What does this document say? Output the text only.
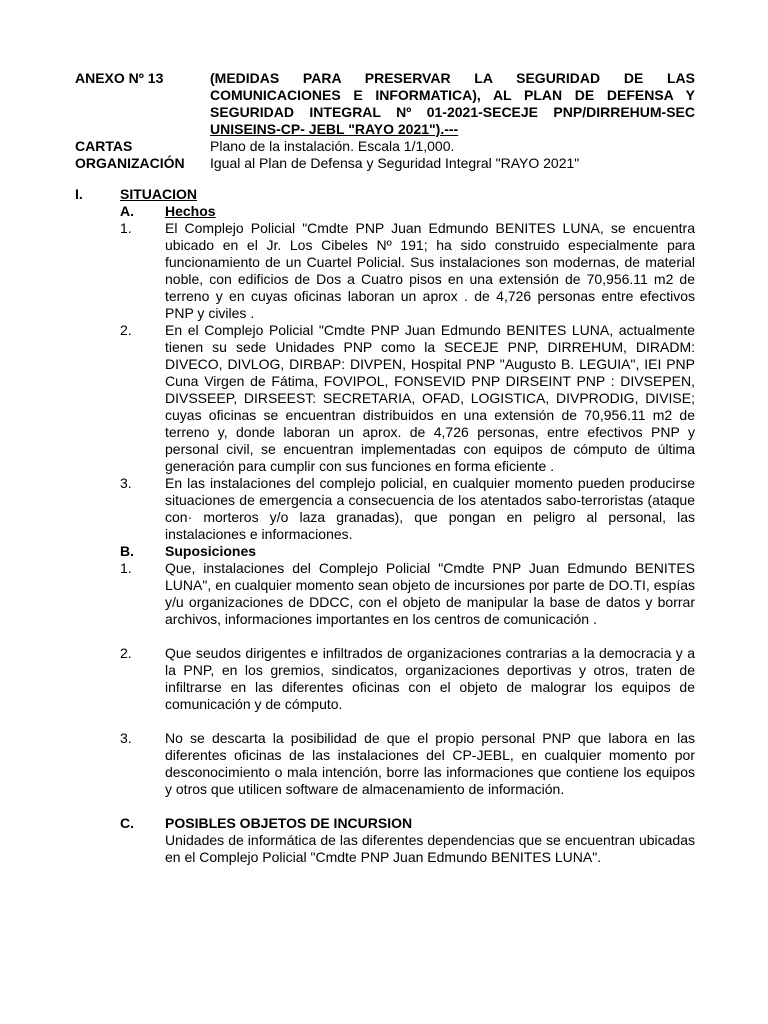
ANEXO Nº 13	(MEDIDAS PARA PRESERVAR LA SEGURIDAD DE LAS COMUNICACIONES E INFORMATICA), AL PLAN DE DEFENSA Y SEGURIDAD INTEGRAL Nº 01-2021-SECEJE PNP/DIRREHUM-SEC UNISEINS-CP- JEBL "RAYO 2021").---
CARTAS	Plano de la instalación. Escala 1/1,000.
ORGANIZACIÓN	Igual al Plan de Defensa y Seguridad Integral "RAYO 2021"
I.	SITUACION
A.	Hechos
1.	El Complejo Policial "Cmdte PNP Juan Edmundo BENITES LUNA, se encuentra ubicado en el Jr. Los Cibeles Nº 191; ha sido construido especialmente para funcionamiento de un Cuartel Policial. Sus instalaciones son modernas, de material noble, con edificios de Dos a Cuatro pisos en una extensión de 70,956.11 m2 de terreno y en cuyas oficinas laboran un aprox . de 4,726 personas entre efectivos PNP y civiles .
2.	En el Complejo Policial "Cmdte PNP Juan Edmundo BENITES LUNA, actualmente tienen su sede Unidades PNP como la SECEJE PNP, DIRREHUM, DIRADM: DIVECO, DIVLOG, DIRBAP: DIVPEN, Hospital PNP "Augusto B. LEGUIA", IEI PNP Cuna Virgen de Fátima, FOVIPOL, FONSEVID PNP DIRSEINT PNP : DIVSEPEN, DIVSSEEP, DIRSEEST: SECRETARIA, OFAD, LOGISTICA, DIVPRODIG, DIVISE; cuyas oficinas se encuentran distribuidos en una extensión de 70,956.11 m2 de terreno y, donde laboran un aprox. de 4,726 personas, entre efectivos PNP y personal civil, se encuentran implementadas con equipos de cómputo de última generación para cumplir con sus funciones en forma eficiente .
3.	En las instalaciones del complejo policial, en cualquier momento pueden producirse situaciones de emergencia a consecuencia de los atentados sabo-terroristas (ataque con· morteros y/o laza granadas), que pongan en peligro al personal, las instalaciones e informaciones.
B.	Suposiciones
1.	Que, instalaciones del Complejo Policial "Cmdte PNP Juan Edmundo BENITES LUNA", en cualquier momento sean objeto de incursiones por parte de DO.TI, espías y/u organizaciones de DDCC, con el objeto de manipular la base de datos y borrar archivos, informaciones importantes en los centros de comunicación .
2.	Que seudos dirigentes e infiltrados de organizaciones contrarias a la democracia y a la PNP, en los gremios, sindicatos, organizaciones deportivas y otros, traten de infiltrarse en las diferentes oficinas con el objeto de malograr los equipos de comunicación y de cómputo.
3.	No se descarta la posibilidad de que el propio personal PNP que labora en las diferentes oficinas de las instalaciones del CP-JEBL, en cualquier momento por desconocimiento o mala intención, borre las informaciones que contiene los equipos y otros que utilicen software de almacenamiento de información.
C.	POSIBLES OBJETOS DE INCURSION
Unidades de informática de las diferentes dependencias que se encuentran ubicadas en el Complejo Policial "Cmdte PNP Juan Edmundo BENITES LUNA".
